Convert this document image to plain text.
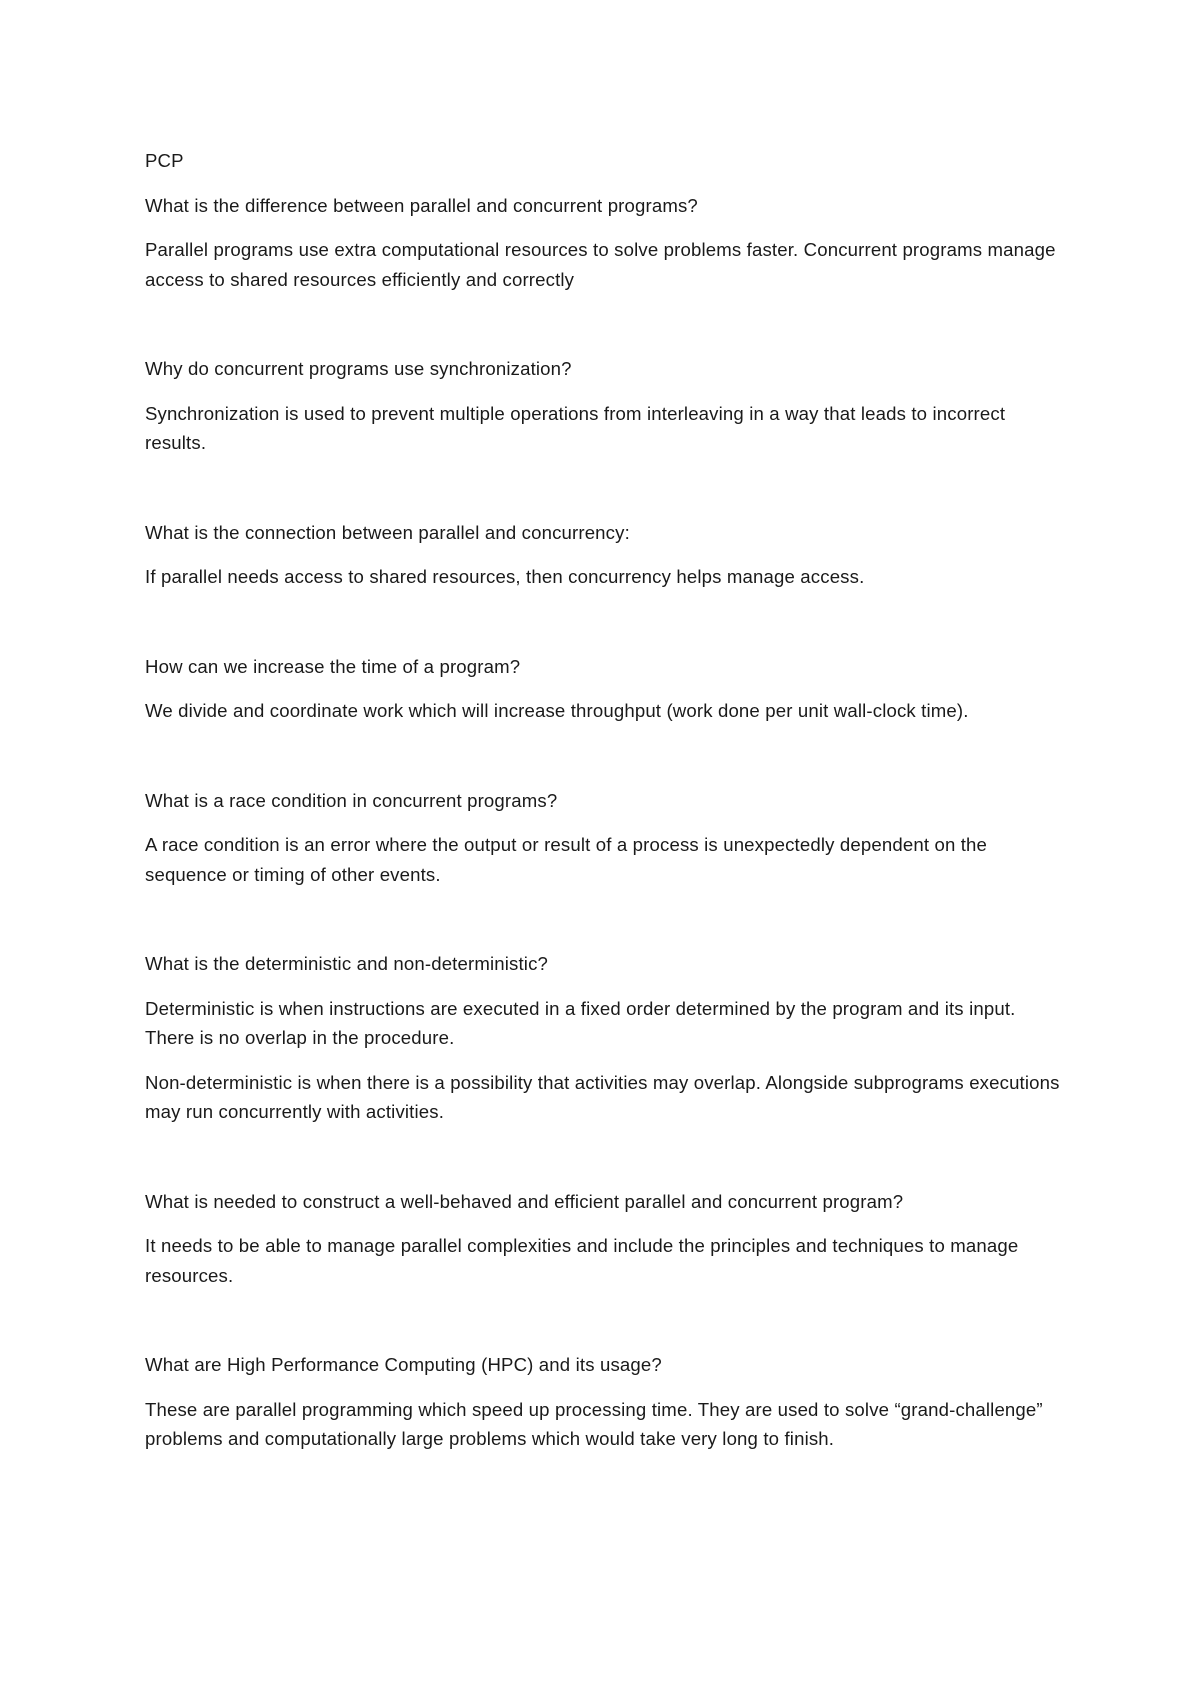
PCP

What is the difference between parallel and concurrent programs?

Parallel programs use extra computational resources to solve problems faster. Concurrent programs manage access to shared resources efficiently and correctly

Why do concurrent programs use synchronization?

Synchronization is used to prevent multiple operations from interleaving in a way that leads to incorrect results.

What is the connection between parallel and concurrency:

If parallel needs access to shared resources, then concurrency helps manage access.

How can we increase the time of a program?

We divide and coordinate work which will increase throughput (work done per unit wall-clock time).

What is a race condition in concurrent programs?

A race condition is an error where the output or result of a process is unexpectedly dependent on the sequence or timing of other events.

What is the deterministic and non-deterministic?

Deterministic is when instructions are executed in a fixed order determined by the program and its input. There is no overlap in the procedure.

Non-deterministic is when there is a possibility that activities may overlap. Alongside subprograms executions may run concurrently with activities.

What is needed to construct a well-behaved and efficient parallel and concurrent program?

It needs to be able to manage parallel complexities and include the principles and techniques to manage resources.

What are High Performance Computing (HPC) and its usage?

These are parallel programming which speed up processing time. They are used to solve “grand-challenge” problems and computationally large problems which would take very long to finish.
